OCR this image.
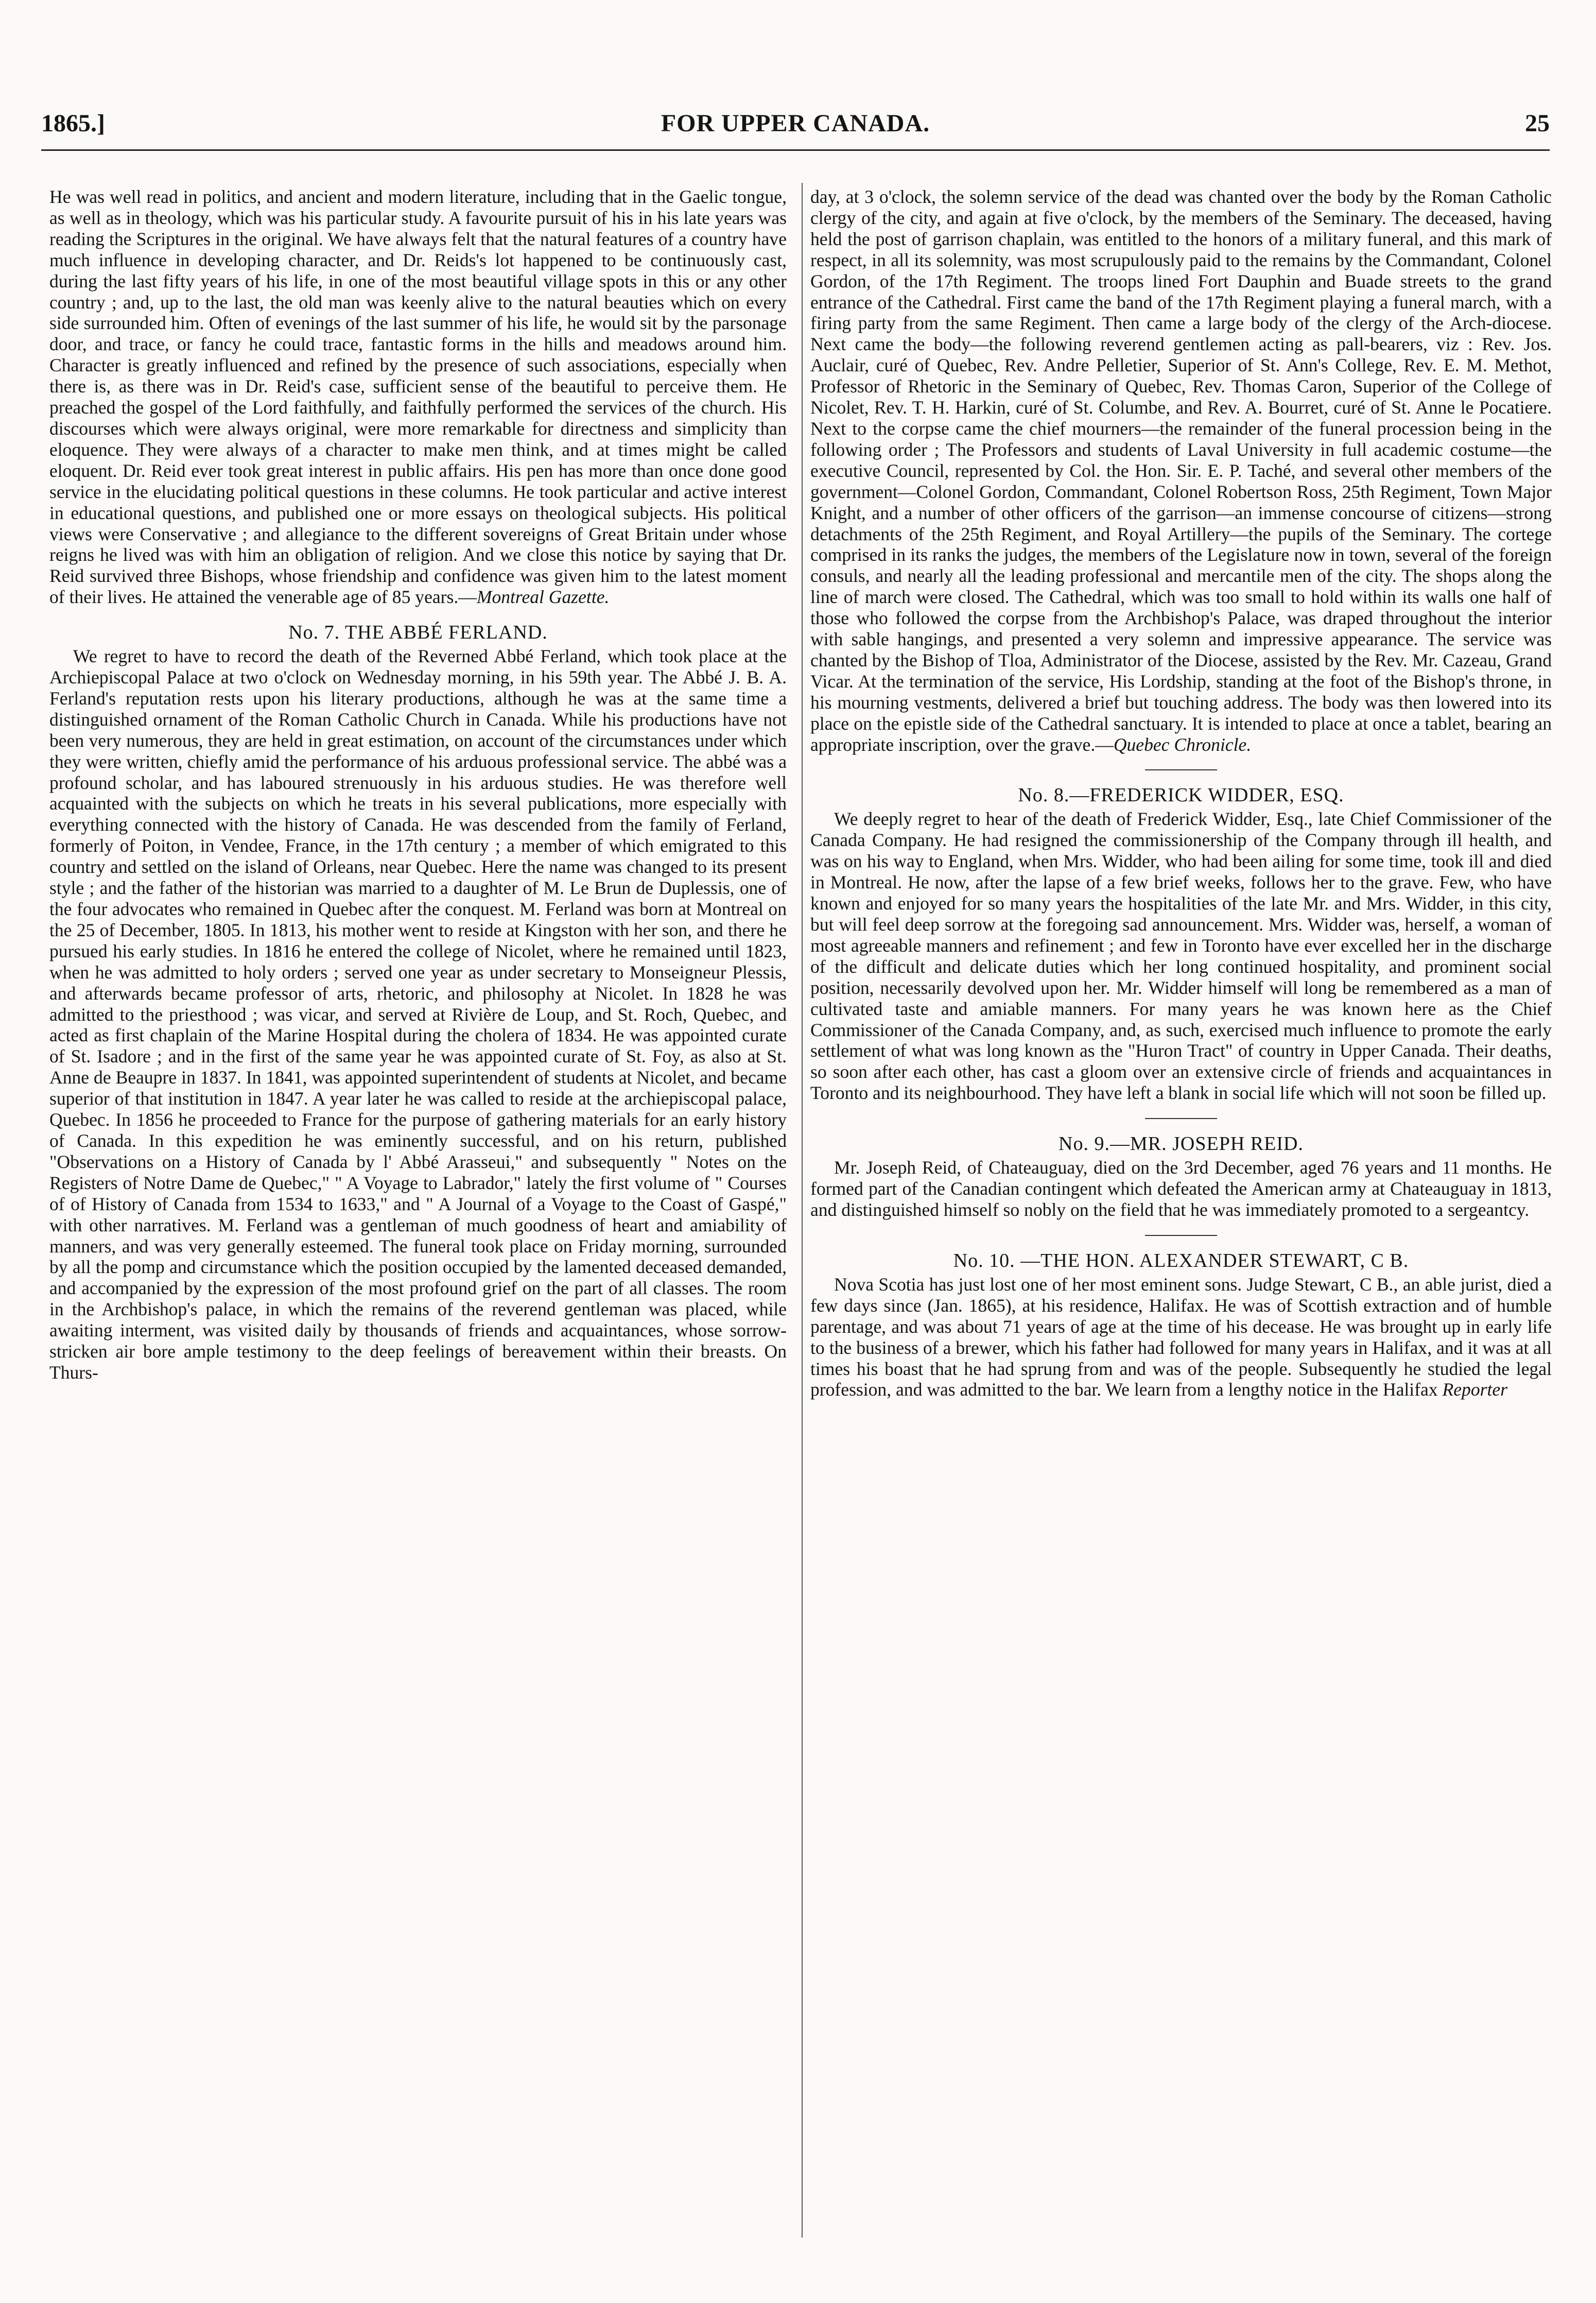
1865.]	FOR UPPER CANADA.	25

He was well read in politics, and ancient and modern literature, including that in the Gaelic tongue, as well as in theology, which was his particular study. A favourite pursuit of his in his late years was reading the Scriptures in the original. We have always felt that the natural features of a country have much influence in developing character, and Dr. Reids's lot happened to be continuously cast, during the last fifty years of his life, in one of the most beautiful village spots in this or any other country ; and, up to the last, the old man was keenly alive to the natural beauties which on every side surrounded him. Often of evenings of the last summer of his life, he would sit by the parsonage door, and trace, or fancy he could trace, fantastic forms in the hills and meadows around him. Character is greatly influenced and refined by the presence of such associations, especially when there is, as there was in Dr. Reid's case, sufficient sense of the beautiful to perceive them. He preached the gospel of the Lord faithfully, and faithfully performed the services of the church. His discourses which were always original, were more remarkable for directness and simplicity than eloquence. They were always of a character to make men think, and at times might be called eloquent. Dr. Reid ever took great interest in public affairs. His pen has more than once done good service in the elucidating political questions in these columns. He took particular and active interest in educational questions, and published one or more essays on theological subjects. His political views were Conservative ; and allegiance to the different sovereigns of Great Britain under whose reigns he lived was with him an obligation of religion. And we close this notice by saying that Dr. Reid survived three Bishops, whose friendship and confidence was given him to the latest moment of their lives. He attained the venerable age of 85 years.—Montreal Gazette.

No. 7. THE ABBÉ FERLAND.

We regret to have to record the death of the Reverned Abbé Ferland, which took place at the Archiepiscopal Palace at two o'clock on Wednesday morning, in his 59th year. The Abbé J. B. A. Ferland's reputation rests upon his literary productions, although he was at the same time a distinguished ornament of the Roman Catholic Church in Canada. While his productions have not been very numerous, they are held in great estimation, on account of the circumstances under which they were written, chiefly amid the performance of his arduous professional service. The abbé was a profound scholar, and has laboured strenuously in his arduous studies. He was therefore well acquainted with the subjects on which he treats in his several publications, more especially with everything connected with the history of Canada. He was descended from the family of Ferland, formerly of Poiton, in Vendee, France, in the 17th century ; a member of which emigrated to this country and settled on the island of Orleans, near Quebec. Here the name was changed to its present style ; and the father of the historian was married to a daughter of M. Le Brun de Duplessis, one of the four advocates who remained in Quebec after the conquest. M. Ferland was born at Montreal on the 25 of December, 1805. In 1813, his mother went to reside at Kingston with her son, and there he pursued his early studies. In 1816 he entered the college of Nicolet, where he remained until 1823, when he was admitted to holy orders ; served one year as under secretary to Monseigneur Plessis, and afterwards became professor of arts, rhetoric, and philosophy at Nicolet. In 1828 he was admitted to the priesthood ; was vicar, and served at Rivière de Loup, and St. Roch, Quebec, and acted as first chaplain of the Marine Hospital during the cholera of 1834. He was appointed curate of St. Isadore ; and in the first of the same year he was appointed curate of St. Foy, as also at St. Anne de Beaupre in 1837. In 1841, was appointed superintendent of students at Nicolet, and became superior of that institution in 1847. A year later he was called to reside at the archiepiscopal palace, Quebec. In 1856 he proceeded to France for the purpose of gathering materials for an early history of Canada. In this expedition he was eminently successful, and on his return, published "Observations on a History of Canada by l' Abbé Arasseui," and subsequently " Notes on the Registers of Notre Dame de Quebec," " A Voyage to Labrador," lately the first volume of " Courses of of History of Canada from 1534 to 1633," and " A Journal of a Voyage to the Coast of Gaspé," with other narratives. M. Ferland was a gentleman of much goodness of heart and amiability of manners, and was very generally esteemed. The funeral took place on Friday morning, surrounded by all the pomp and circumstance which the position occupied by the lamented deceased demanded, and accompanied by the expression of the most profound grief on the part of all classes. The room in the Archbishop's palace, in which the remains of the reverend gentleman was placed, while awaiting interment, was visited daily by thousands of friends and acquaintances, whose sorrow-stricken air bore ample testimony to the deep feelings of bereavement within their breasts. On Thurs-

day, at 3 o'clock, the solemn service of the dead was chanted over the body by the Roman Catholic clergy of the city, and again at five o'clock, by the members of the Seminary. The deceased, having held the post of garrison chaplain, was entitled to the honors of a military funeral, and this mark of respect, in all its solemnity, was most scrupulously paid to the remains by the Commandant, Colonel Gordon, of the 17th Regiment. The troops lined Fort Dauphin and Buade streets to the grand entrance of the Cathedral. First came the band of the 17th Regiment playing a funeral march, with a firing party from the same Regiment. Then came a large body of the clergy of the Arch-diocese. Next came the body—the following reverend gentlemen acting as pall-bearers, viz : Rev. Jos. Auclair, curé of Quebec, Rev. Andre Pelletier, Superior of St. Ann's College, Rev. E. M. Methot, Professor of Rhetoric in the Seminary of Quebec, Rev. Thomas Caron, Superior of the College of Nicolet, Rev. T. H. Harkin, curé of St. Columbe, and Rev. A. Bourret, curé of St. Anne le Pocatiere. Next to the corpse came the chief mourners—the remainder of the funeral procession being in the following order ; The Professors and students of Laval University in full academic costume—the executive Council, represented by Col. the Hon. Sir. E. P. Taché, and several other members of the government—Colonel Gordon, Commandant, Colonel Robertson Ross, 25th Regiment, Town Major Knight, and a number of other officers of the garrison—an immense concourse of citizens—strong detachments of the 25th Regiment, and Royal Artillery—the pupils of the Seminary. The cortege comprised in its ranks the judges, the members of the Legislature now in town, several of the foreign consuls, and nearly all the leading professional and mercantile men of the city. The shops along the line of march were closed. The Cathedral, which was too small to hold within its walls one half of those who followed the corpse from the Archbishop's Palace, was draped throughout the interior with sable hangings, and presented a very solemn and impressive appearance. The service was chanted by the Bishop of Tloa, Administrator of the Diocese, assisted by the Rev. Mr. Cazeau, Grand Vicar. At the termination of the service, His Lordship, standing at the foot of the Bishop's throne, in his mourning vestments, delivered a brief but touching address. The body was then lowered into its place on the epistle side of the Cathedral sanctuary. It is intended to place at once a tablet, bearing an appropriate inscription, over the grave.—Quebec Chronicle.

No. 8.—FREDERICK WIDDER, ESQ.

We deeply regret to hear of the death of Frederick Widder, Esq., late Chief Commissioner of the Canada Company. He had resigned the commissionership of the Company through ill health, and was on his way to England, when Mrs. Widder, who had been ailing for some time, took ill and died in Montreal. He now, after the lapse of a few brief weeks, follows her to the grave. Few, who have known and enjoyed for so many years the hospitalities of the late Mr. and Mrs. Widder, in this city, but will feel deep sorrow at the foregoing sad announcement. Mrs. Widder was, herself, a woman of most agreeable manners and refinement ; and few in Toronto have ever excelled her in the discharge of the difficult and delicate duties which her long continued hospitality, and prominent social position, necessarily devolved upon her. Mr. Widder himself will long be remembered as a man of cultivated taste and amiable manners. For many years he was known here as the Chief Commissioner of the Canada Company, and, as such, exercised much influence to promote the early settlement of what was long known as the "Huron Tract" of country in Upper Canada. Their deaths, so soon after each other, has cast a gloom over an extensive circle of friends and acquaintances in Toronto and its neighbourhood. They have left a blank in social life which will not soon be filled up.

No. 9.—MR. JOSEPH REID.

Mr. Joseph Reid, of Chateauguay, died on the 3rd December, aged 76 years and 11 months. He formed part of the Canadian contingent which defeated the American army at Chateauguay in 1813, and distinguished himself so nobly on the field that he was immediately promoted to a sergeantcy.

No. 10. —THE HON. ALEXANDER STEWART, C B.

Nova Scotia has just lost one of her most eminent sons. Judge Stewart, C B., an able jurist, died a few days since (Jan. 1865), at his residence, Halifax. He was of Scottish extraction and of humble parentage, and was about 71 years of age at the time of his decease. He was brought up in early life to the business of a brewer, which his father had followed for many years in Halifax, and it was at all times his boast that he had sprung from and was of the people. Subsequently he studied the legal profession, and was admitted to the bar. We learn from a lengthy notice in the Halifax Reporter
